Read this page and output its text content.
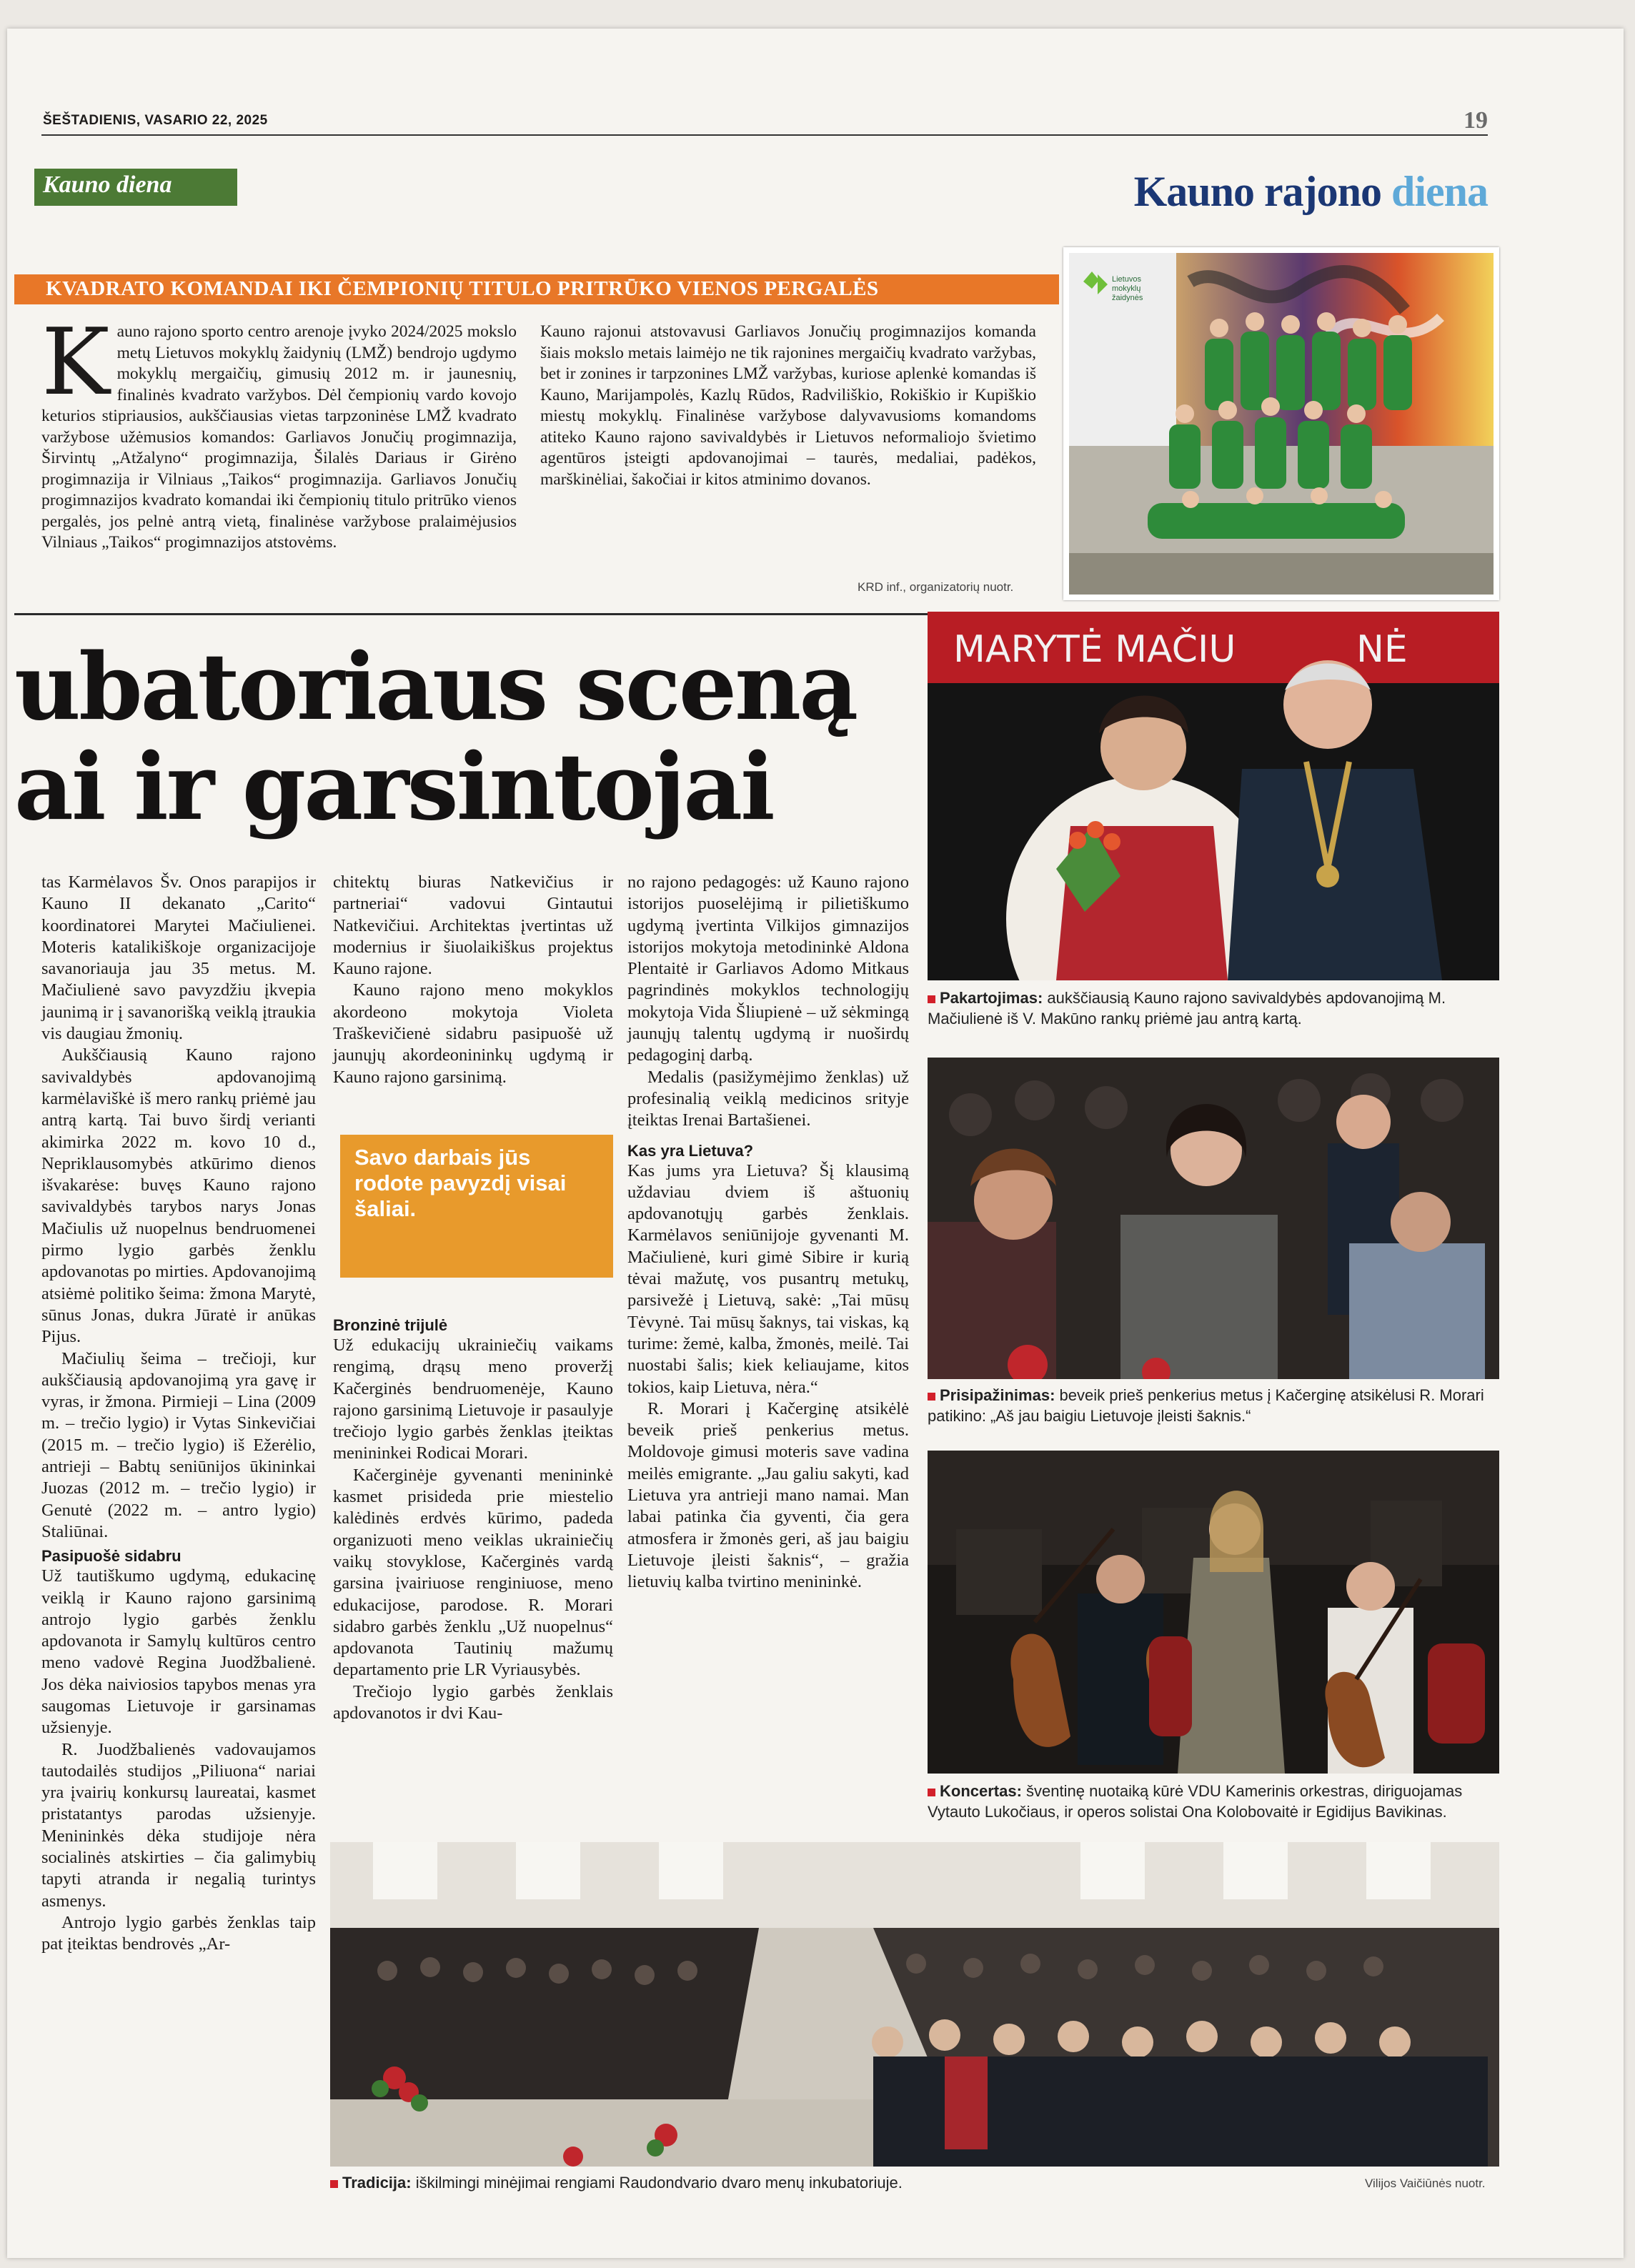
ŠEŠTADIENIS, VASARIO 22, 2025	19
Kauno diena	Kauno rajono diena
KVADRATO KOMANDAI IKI ČEMPIONIŲ TITULO PRITRŪKO VIENOS PERGALĖS
Kauno rajono sporto centro arenoje įvyko 2024/2025 mokslo metų Lietuvos mokyklų žaidynių (LMŽ) bendrojo ugdymo mokyklų mergaičių, gimusių 2012 m. ir jaunesnių, finalinės kvadrato varžybos. Dėl čempionių vardo kovojo keturios stipriausios, aukščiausias vietas tarpzoninėse LMŽ kvadrato varžybose užėmusios komandos: Garliavos Jonučių progimnazija, Širvintų „Atžalyno“ progimnazija, Šilalės Dariaus ir Girėno progimnazija ir Vilniaus „Taikos“ progimnazija. Garliavos Jonučių progimnazijos kvadrato komandai iki čempionių titulo pritrūko vienos pergalės, jos pelnė antrą vietą, finalinėse varžybose pralaimėjusios Vilniaus „Taikos“ progimnazijos atstovėms.
Kauno rajonui atstovavusi Garliavos Jonučių progimnazijos komanda šiais mokslo metais laimėjo ne tik rajonines mergaičių kvadrato varžybas, bet ir zonines ir tarpzonines LMŽ varžybas, kuriose aplenkė komandas iš Kauno, Marijampolės, Kazlų Rūdos, Radviliškio, Rokiškio ir Kupiškio miestų mokyklų. Finalinėse varžybose dalyvavusioms komandoms atiteko Kauno rajono savivaldybės ir Lietuvos neformaliojo švietimo agentūros įsteigti apdovanojimai – taurės, medaliai, padėkos, marškinėliai, šakočiai ir kitos atminimo dovanos.
KRD inf., organizatorių nuotr.
Lietuvos
mokyklų
žaidynės
ubatoriaus sceną
ai ir garsintojai

tas Karmėlavos Šv. Onos parapijos ir Kauno II dekanato „Carito“ koordinatorei Marytei Mačiulienei. Moteris katalikiškoje organizacijoje savanoriauja jau 35 metus. M. Mačiulienė savo pavyzdžiu įkvepia jaunimą ir į savanorišką veiklą įtraukia vis daugiau žmonių.

Aukščiausią Kauno rajono savivaldybės apdovanojimą karmėlaviškė iš mero rankų priėmė jau antrą kartą. Tai buvo širdį verianti akimirka 2022 m. kovo 10 d., Nepriklausomybės atkūrimo dienos išvakarėse: buvęs Kauno rajono savivaldybės tarybos narys Jonas Mačiulis už nuopelnus bendruomenei pirmo lygio garbės ženklu apdovanotas po mirties. Apdovanojimą atsiėmė politiko šeima: žmona Marytė, sūnus Jonas, dukra Jūratė ir anūkas Pijus.

Mačiulių šeima – trečioji, kur aukščiausią apdovanojimą yra gavę ir vyras, ir žmona. Pirmieji – Lina (2009 m. – trečio lygio) ir Vytas Sinkevičiai (2015 m. – trečio lygio) iš Ežerėlio, antrieji – Babtų seniūnijos ūkininkai Juozas (2012 m. – trečio lygio) ir Genutė (2022 m. – antro lygio) Staliūnai.

Pasipuošė sidabru

Už tautiškumo ugdymą, edukacinę veiklą ir Kauno rajono garsinimą antrojo lygio garbės ženklu apdovanota ir Samylų kultūros centro meno vadovė Regina Juodžbalienė. Jos dėka naiviosios tapybos menas yra saugomas Lietuvoje ir garsinamas užsienyje.

R. Juodžbalienės vadovaujamos tautodailės studijos „Piliuona“ nariai yra įvairių konkursų laureatai, kasmet pristatantys parodas užsienyje. Menininkės dėka studijoje nėra socialinės atskirties – čia galimybių tapyti atranda ir negalią turintys asmenys.

Antrojo lygio garbės ženklas taip pat įteiktas bendrovės „Ar-

chitektų biuras Natkevičius ir partneriai“ vadovui Gintautui Natkevičiui. Architektas įvertintas už modernius ir šiuolaikiškus projektus Kauno rajone.

Kauno rajono meno mokyklos akordeono mokytoja Violeta Traškevičienė sidabru pasipuošė už jaunųjų akordeonininkų ugdymą ir Kauno rajono garsinimą.

Savo darbais jūs rodote pavyzdį visai šaliai.
Bronzinė trijulė

Už edukacijų ukrainiečių vaikams rengimą, drąsų meno proveržį Kačerginės bendruomenėje, Kauno rajono garsinimą Lietuvoje ir pasaulyje trečiojo lygio garbės ženklas įteiktas menininkei Rodicai Morari.

Kačerginėje gyvenanti menininkė kasmet prisideda prie miestelio kalėdinės erdvės kūrimo, padeda organizuoti meno veiklas ukrainiečių vaikų stovyklose, Kačerginės vardą garsina įvairiuose renginiuose, meno edukacijose, parodose. R. Morari sidabro garbės ženklu „Už nuopelnus“ apdovanota Tautinių mažumų departamento prie LR Vyriausybės.

Trečiojo lygio garbės ženklais apdovanotos ir dvi Kau-

no rajono pedagogės: už Kauno rajono istorijos puoselėjimą ir pilietiškumo ugdymą įvertinta Vilkijos gimnazijos istorijos mokytoja metodininkė Aldona Plentaitė ir Garliavos Adomo Mitkaus pagrindinės mokyklos technologijų mokytoja Vida Šliupienė – už sėkmingą jaunųjų talentų ugdymą ir nuoširdų pedagoginį darbą.

Medalis (pasižymėjimo ženklas) už profesinalią veiklą medicinos srityje įteiktas Irenai Bartašienei.

Kas yra Lietuva?

Kas jums yra Lietuva? Šį klausimą uždaviau dviem iš aštuonių apdovanotųjų garbės ženklais. Karmėlavos seniūnijoje gyvenanti M. Mačiulienė, kuri gimė Sibire ir kurią tėvai mažutę, vos pusantrų metukų, parsivežė į Lietuvą, sakė: „Tai mūsų Tėvynė. Tai mūsų šaknys, tai viskas, ką turime: žemė, kalba, žmonės, meilė. Tai nuostabi šalis; kiek keliaujame, kitos tokios, kaip Lietuva, nėra.“

R. Morari į Kačerginę atsikėlė beveik prieš penkerius metus. Moldovoje gimusi moteris save vadina meilės emigrante. „Jau galiu sakyti, kad Lietuva yra antrieji mano namai. Man labai patinka čia gyventi, čia gera atmosfera ir žmonės geri, aš jau baigiu Lietuvoje įleisti šaknis“, – gražia lietuvių kalba tvirtino menininkė.

MARYTĖ MAČIU	NĖ
Pakartojimas: aukščiausią Kauno rajono savivaldybės apdovanojimą M. Mačiulienė iš V. Makūno rankų priėmė jau antrą kartą.
Prisipažinimas: beveik prieš penkerius metus į Kačerginę atsikėlusi R. Morari patikino: „Aš jau baigiu Lietuvoje įleisti šaknis.“
Koncertas: šventinę nuotaiką kūrė VDU Kamerinis orkestras, diriguojamas Vytauto Lukočiaus, ir operos solistai Ona Kolobovaitė ir Egidijus Bavikinas.
Tradicija: iškilmingi minėjimai rengiami Raudondvario dvaro menų inkubatoriuje.	Vilijos Vaičiūnės nuotr.
